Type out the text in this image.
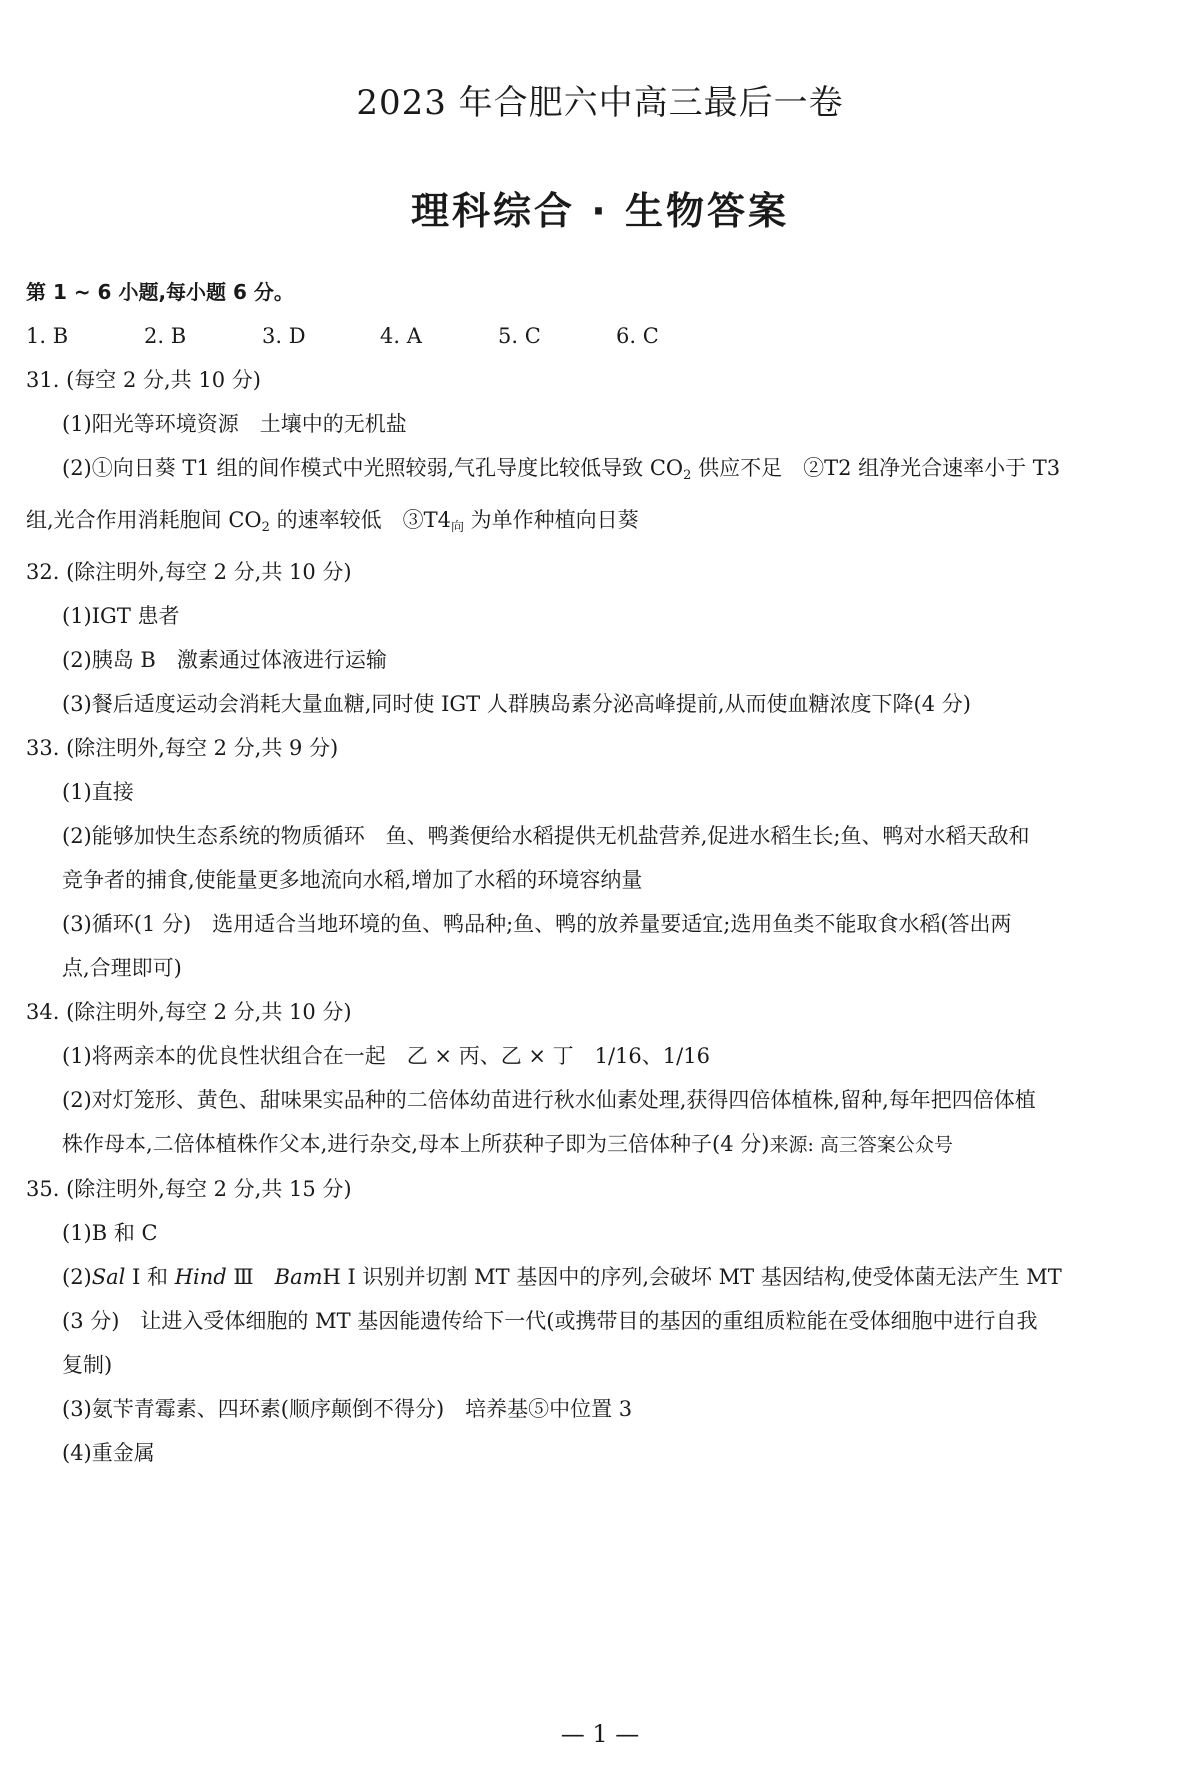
2023 年合肥六中高三最后一卷
理科综合 · 生物答案
第 1 ~ 6 小题,每小题 6 分。
1. B	2. B	3. D	4. A	5. C	6. C
31. (每空 2 分,共 10 分)
(1)阳光等环境资源　土壤中的无机盐
(2)①向日葵 T1 组的间作模式中光照较弱,气孔导度比较低导致 $CO_2$ 供应不足　②T2 组净光合速率小于 T3
组,光合作用消耗胞间 $CO_2$ 的速率较低　$③T4_向$ 为单作种植向日葵
32. (除注明外,每空 2 分,共 10 分)
(1)IGT 患者
(2)胰岛 B　激素通过体液进行运输
(3)餐后适度运动会消耗大量血糖,同时使 IGT 人群胰岛素分泌高峰提前,从而使血糖浓度下降(4 分)
33. (除注明外,每空 2 分,共 9 分)
(1)直接
(2)能够加快生态系统的物质循环　鱼、鸭粪便给水稻提供无机盐营养,促进水稻生长;鱼、鸭对水稻天敌和
竞争者的捕食,使能量更多地流向水稻,增加了水稻的环境容纳量
(3)循环(1 分)　选用适合当地环境的鱼、鸭品种;鱼、鸭的放养量要适宜;选用鱼类不能取食水稻(答出两
点,合理即可)
34. (除注明外,每空 2 分,共 10 分)
(1)将两亲本的优良性状组合在一起　乙 × 丙、乙 × 丁　1/16、1/16
(2)对灯笼形、黄色、甜味果实品种的二倍体幼苗进行秋水仙素处理,获得四倍体植株,留种,每年把四倍体植
株作母本,二倍体植株作父本,进行杂交,母本上所获种子即为三倍体种子(4 分)来源: 高三答案公众号
35. (除注明外,每空 2 分,共 15 分)
(1)B 和 C
(2)Sal Ⅰ 和 Hind Ⅲ　BamH Ⅰ 识别并切割 MT 基因中的序列,会破坏 MT 基因结构,使受体菌无法产生 MT
(3 分)　让进入受体细胞的 MT 基因能遗传给下一代(或携带目的基因的重组质粒能在受体细胞中进行自我
复制)
(3)氨苄青霉素、四环素(顺序颠倒不得分)　培养基⑤中位置 3
(4)重金属
— 1 —
